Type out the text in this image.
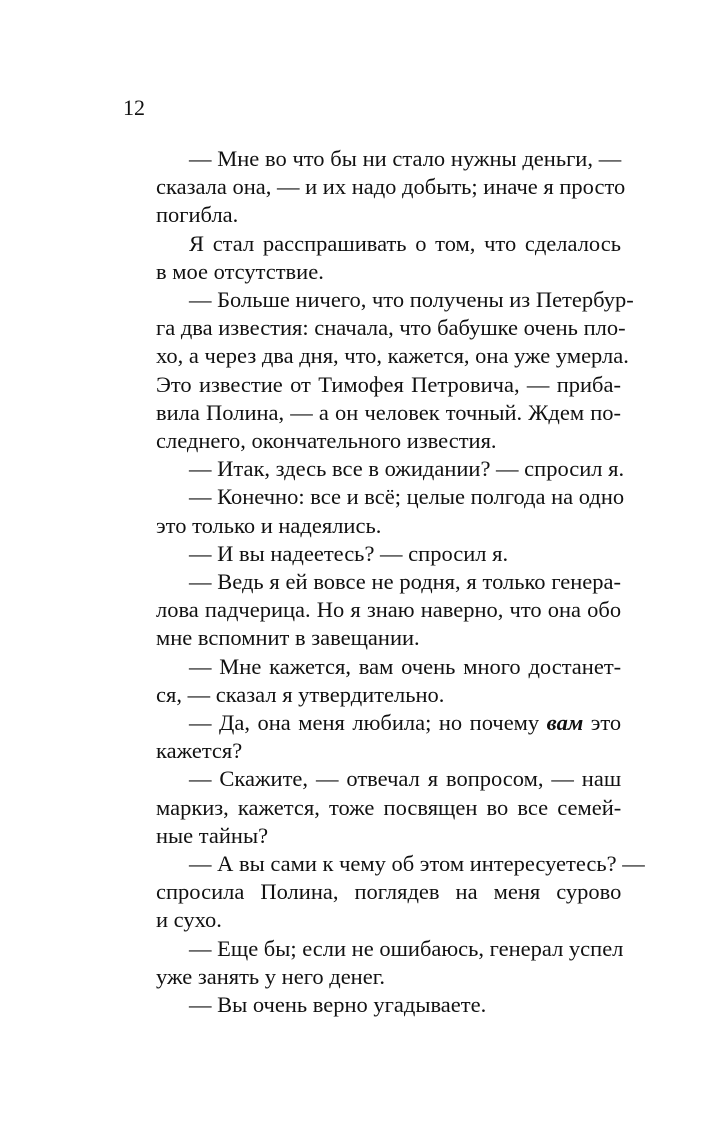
12
— Мне во что бы ни стало нужны деньги, —
сказала она, — и их надо добыть; иначе я просто
погибла.
Я стал расспрашивать о том, что сделалось
в мое отсутствие.
— Больше ничего, что получены из Петербур-
га два известия: сначала, что бабушке очень пло-
хо, а через два дня, что, кажется, она уже умерла.
Это известие от Тимофея Петровича, — приба-
вила Полина, — а он человек точный. Ждем по-
следнего, окончательного известия.
— Итак, здесь все в ожидании? — спросил я.
— Конечно: все и всё; целые полгода на одно
это только и надеялись.
— И вы надеетесь? — спросил я.
— Ведь я ей вовсе не родня, я только генера-
лова падчерица. Но я знаю наверно, что она обо
мне вспомнит в завещании.
— Мне кажется, вам очень много достанет-
ся, — сказал я утвердительно.
— Да, она меня любила; но почему вам это
кажется?
— Скажите, — отвечал я вопросом, — наш
маркиз, кажется, тоже посвящен во все семей-
ные тайны?
— А вы сами к чему об этом интересуетесь? —
спросила Полина, поглядев на меня сурово
и сухо.
— Еще бы; если не ошибаюсь, генерал успел
уже занять у него денег.
— Вы очень верно угадываете.
